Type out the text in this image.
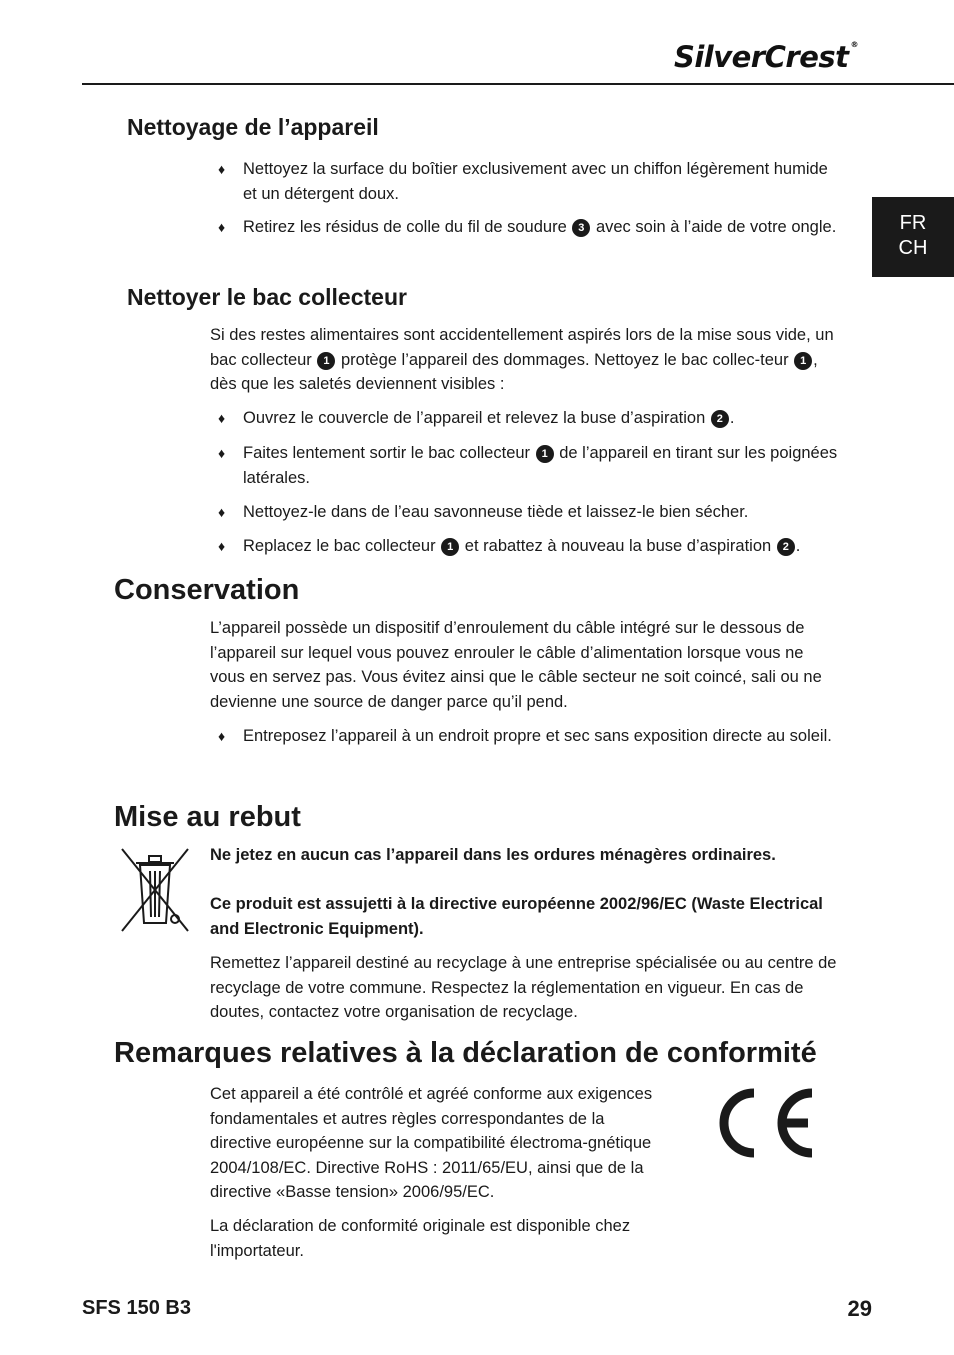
SilverCrest ®
FR
CH
Nettoyage de l’appareil
♦	Nettoyez la surface du boîtier exclusivement avec un chiffon légèrement humide et un détergent doux.
♦	Retirez les résidus de colle du fil de soudure 3 avec soin à l’aide de votre ongle.
Nettoyer le bac collecteur
Si des restes alimentaires sont accidentellement aspirés lors de la mise sous vide, un bac collecteur 1 protège l’appareil des dommages. Nettoyez le bac collec-teur 1 , dès que les saletés deviennent visibles :
♦	Ouvrez le couvercle de l’appareil et relevez la buse d’aspiration 2 .
♦	Faites lentement sortir le bac collecteur 1 de l’appareil en tirant sur les poignées latérales.
♦	Nettoyez-le dans de l’eau savonneuse tiède et laissez-le bien sécher.
♦	Replacez le bac collecteur 1 et rabattez à nouveau la buse d’aspiration 2 .
Conservation
L’appareil possède un dispositif d’enroulement du câble intégré sur le dessous de l’appareil sur lequel vous pouvez enrouler le câble d’alimentation lorsque vous ne vous en servez pas. Vous évitez ainsi que le câble secteur ne soit coincé, sali ou ne devienne une source de danger parce qu’il pend.
♦	Entreposez l’appareil à un endroit propre et sec sans exposition directe au soleil.
Mise au rebut
Ne jetez en aucun cas l’appareil dans les ordures ménagères ordinaires.
Ce produit est assujetti à la directive européenne 2002/96/EC (Waste Electrical and Electronic Equipment).
Remettez l’appareil destiné au recyclage à une entreprise spécialisée ou au centre de recyclage de votre commune. Respectez la réglementation en vigueur. En cas de doutes, contactez votre organisation de recyclage.
Remarques relatives à la déclaration de conformité
Cet appareil a été contrôlé et agréé conforme aux exigences fondamentales et autres règles correspondantes de la directive européenne sur la compatibilité électroma-gnétique 2004/108/EC. Directive RoHS : 2011/65/EU, ainsi que de la directive «Basse tension» 2006/95/EC.
La déclaration de conformité originale est disponible chez l'importateur.
SFS 150 B3	29
